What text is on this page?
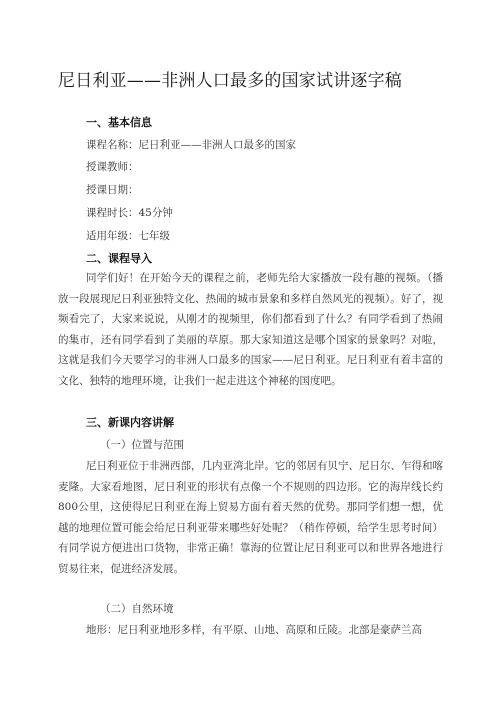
尼日利亚——非洲人口最多的国家试讲逐字稿
一、基本信息
课程名称：尼日利亚——非洲人口最多的国家
授课教师：
授课日期：
课程时长：45分钟
适用年级：七年级
二、课程导入

同学们好！在开始今天的课程之前，老师先给大家播放一段有趣的视频。（播放一段展现尼日利亚独特文化、热闹的城市景象和多样自然风光的视频）。好了，视频看完了，大家来说说，从刚才的视频里，你们都看到了什么？有同学看到了热闹的集市，还有同学看到了美丽的草原。那大家知道这是哪个国家的景象吗？对啦，这就是我们今天要学习的非洲人口最多的国家——尼日利亚。尼日利亚有着丰富的文化、独特的地理环境，让我们一起走进这个神秘的国度吧。

三、新课内容讲解
（一）位置与范围

尼日利亚位于非洲西部，几内亚湾北岸。它的邻居有贝宁、尼日尔、乍得和喀麦隆。大家看地图，尼日利亚的形状有点像一个不规则的四边形。它的海岸线长约800公里，这使得尼日利亚在海上贸易方面有着天然的优势。那同学们想一想，优越的地理位置可能会给尼日利亚带来哪些好处呢？（稍作停顿，给学生思考时间）有同学说方便进出口货物，非常正确！靠海的位置让尼日利亚可以和世界各地进行贸易往来，促进经济发展。

（二）自然环境

地形：尼日利亚地形多样，有平原、山地、高原和丘陵。北部是豪萨兰高
